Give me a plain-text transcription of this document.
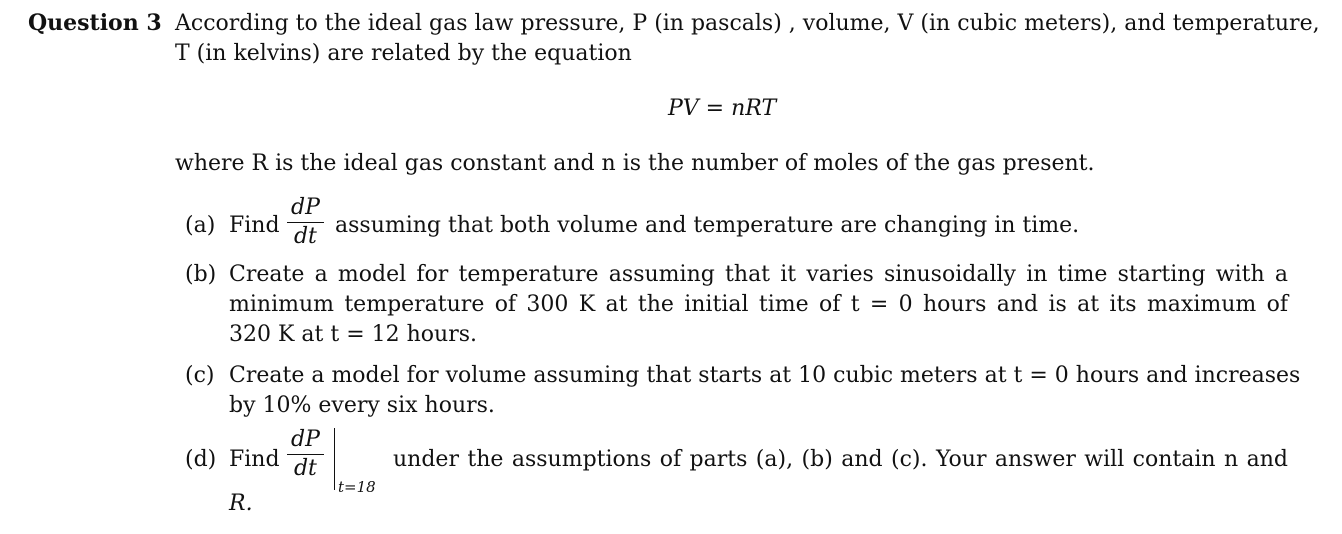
Question 3 According to the ideal gas law pressure, P (in pascals) , volume, V (in cubic meters), and temperature,
T (in kelvins) are related by the equation
PV = nRT
where R is the ideal gas constant and n is the number of moles of the gas present.
(a) Find $\frac{dP}{dt}$ assuming that both volume and temperature are changing in time.
(b) Create a model for temperature assuming that it varies sinusoidally in time starting with a
minimum temperature of 300 K at the initial time of t = 0 hours and is at its maximum of
320 K at t = 12 hours.
(c) Create a model for volume assuming that starts at 10 cubic meters at t = 0 hours and increases
by 10% every six hours.
(d) Find $\frac{dP}{dt}$
t=18
under the assumptions of parts (a), (b) and (c). Your answer will contain n and
R.
